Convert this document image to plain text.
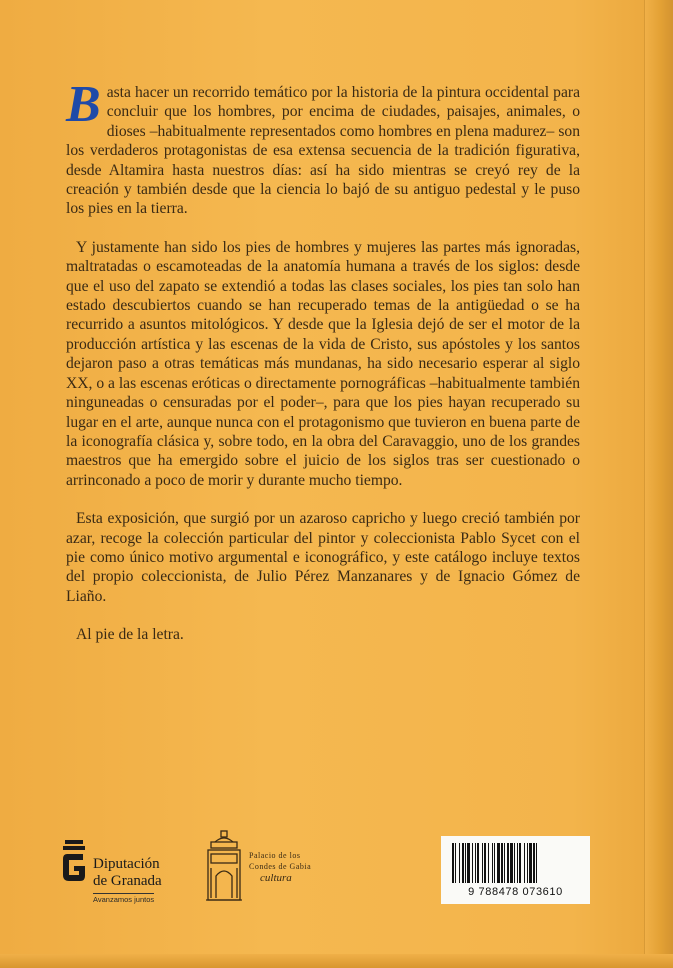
Basta hacer un recorrido temático por la historia de la pintura occidental para concluir que los hombres, por encima de ciudades, paisajes, animales, o dioses –habitualmente representados como hombres en plena madurez– son los verdaderos protagonistas de esa extensa secuencia de la tradición figurativa, desde Altamira hasta nuestros días: así ha sido mientras se creyó rey de la creación y también desde que la ciencia lo bajó de su antiguo pedestal y le puso los pies en la tierra.

Y justamente han sido los pies de hombres y mujeres las partes más ignoradas, maltratadas o escamoteadas de la anatomía humana a través de los siglos: desde que el uso del zapato se extendió a todas las clases sociales, los pies tan solo han estado descubiertos cuando se han recuperado temas de la antigüedad o se ha recurrido a asuntos mitológicos. Y desde que la Iglesia dejó de ser el motor de la producción artística y las escenas de la vida de Cristo, sus apóstoles y los santos dejaron paso a otras temáticas más mundanas, ha sido necesario esperar al siglo XX, o a las escenas eróticas o directamente pornográficas –habitualmente también ninguneadas o censuradas por el poder–, para que los pies hayan recuperado su lugar en el arte, aunque nunca con el protagonismo que tuvieron en buena parte de la iconografía clásica y, sobre todo, en la obra del Caravaggio, uno de los grandes maestros que ha emergido sobre el juicio de los siglos tras ser cuestionado o arrinconado a poco de morir y durante mucho tiempo.

Esta exposición, que surgió por un azaroso capricho y luego creció también por azar, recoge la colección particular del pintor y coleccionista Pablo Sycet con el pie como único motivo argumental e iconográfico, y este catálogo incluye textos del propio coleccionista, de Julio Pérez Manzanares y de Ignacio Gómez de Liaño.

Al pie de la letra.

Diputación
de Granada
Avanzamos juntos
Palacio de los
Condes de Gabia
cultura
9 788478 073610
